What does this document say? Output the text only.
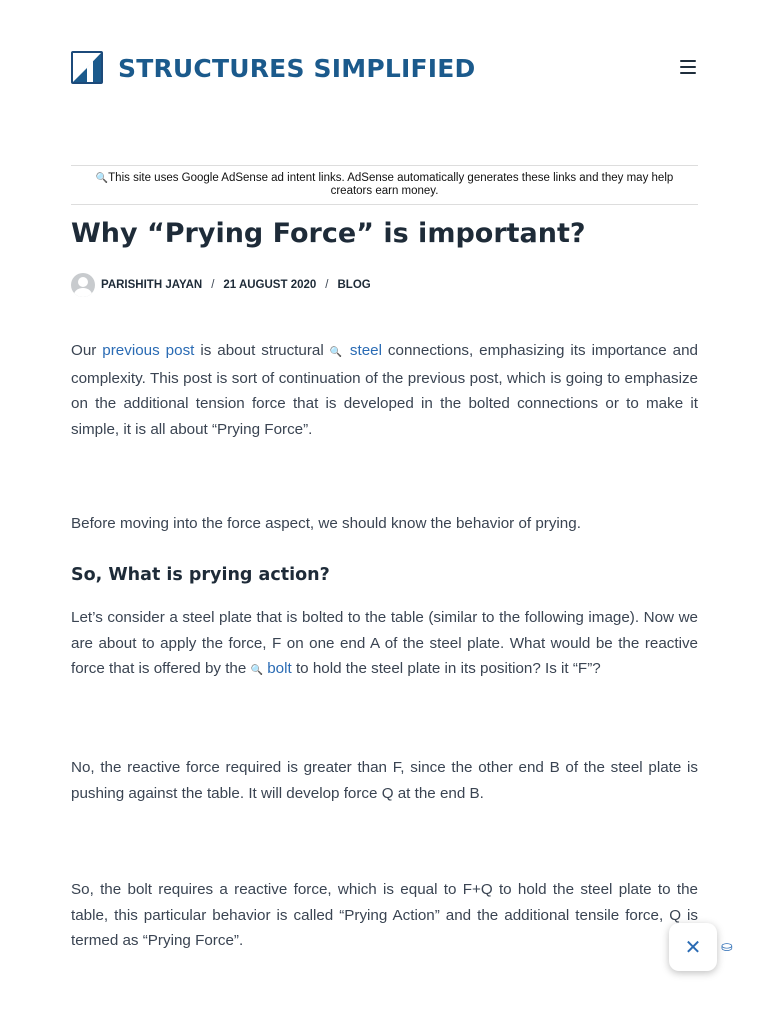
STRUCTURES SIMPLIFIED
🔍This site uses Google AdSense ad intent links. AdSense automatically generates these links and they may help creators earn money.
Why “Prying Force” is important?
PARISHITH JAYAN / 21 AUGUST 2020 / BLOG

Our previous post is about structural 🔍 steel connections, emphasizing its importance and complexity. This post is sort of continuation of the previous post, which is going to emphasize on the additional tension force that is developed in the bolted connections or to make it simple, it is all about “Prying Force”.

Before moving into the force aspect, we should know the behavior of prying.

So, What is prying action?

Let’s consider a steel plate that is bolted to the table (similar to the following image). Now we are about to apply the force, F on one end A of the steel plate. What would be the reactive force that is offered by the 🔍 bolt to hold the steel plate in its position? Is it “F”?

No, the reactive force required is greater than F, since the other end B of the steel plate is pushing against the table. It will develop force Q at the end B.

So, the bolt requires a reactive force, which is equal to F+Q to hold the steel plate to the table, this particular behavior is called “Prying Action” and the additional tensile force, Q is termed as “Prying Force”.	✕ ⛀
